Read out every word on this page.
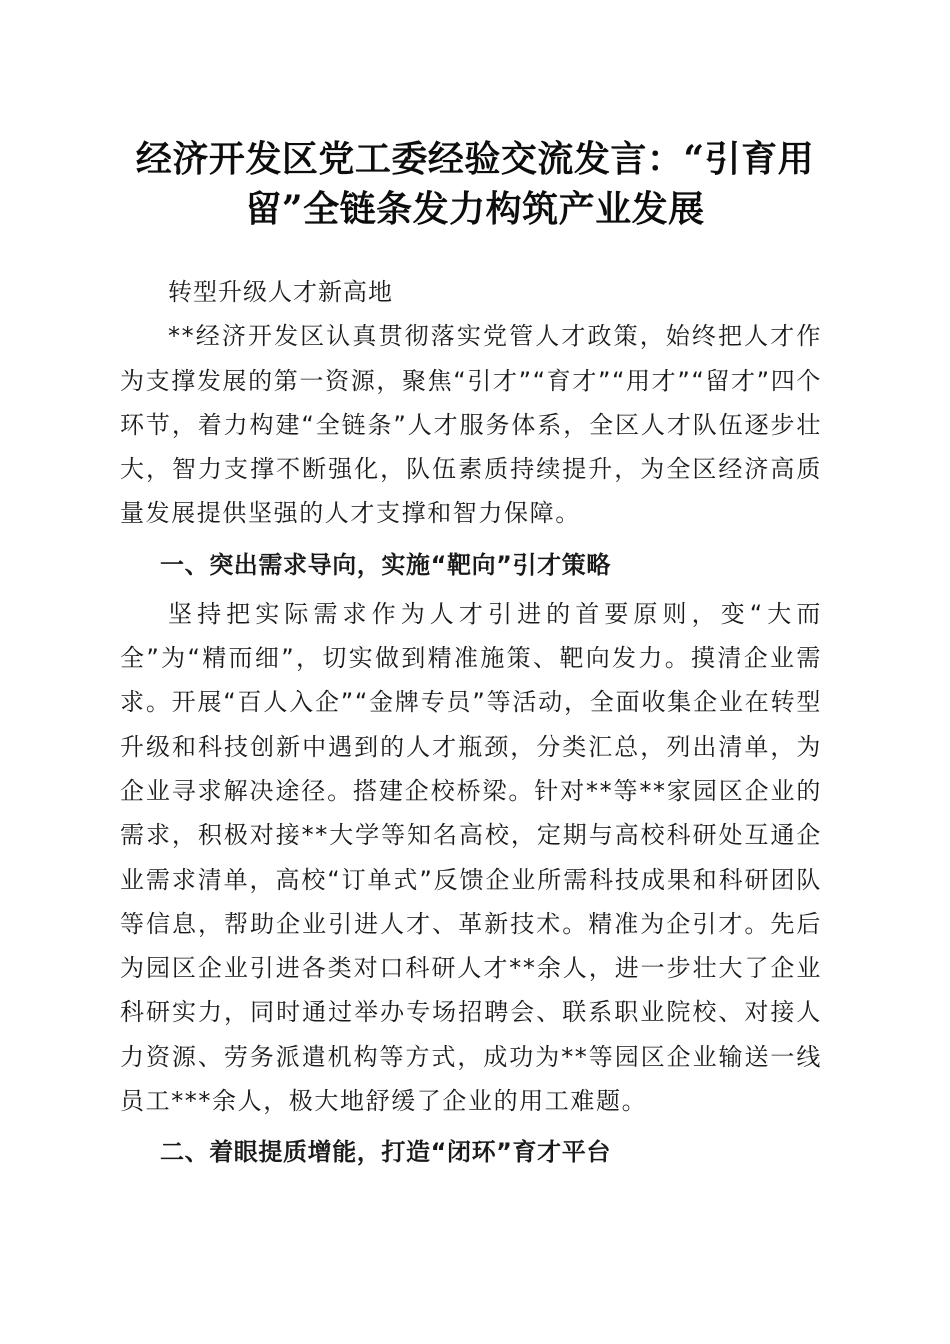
经济开发区党工委经验交流发言：“引育用留”全链条发力构筑产业发展

转型升级人才新高地

**经济开发区认真贯彻落实党管人才政策，始终把人才作为支撑发展的第一资源，聚焦“引才”“育才”“用才”“留才”四个环节，着力构建“全链条”人才服务体系，全区人才队伍逐步壮大，智力支撑不断强化，队伍素质持续提升，为全区经济高质量发展提供坚强的人才支撑和智力保障。

一、突出需求导向，实施“靶向”引才策略

坚持把实际需求作为人才引进的首要原则，变“大而全”为“精而细”，切实做到精准施策、靶向发力。摸清企业需求。开展“百人入企”“金牌专员”等活动，全面收集企业在转型升级和科技创新中遇到的人才瓶颈，分类汇总，列出清单，为企业寻求解决途径。搭建企校桥梁。针对**等**家园区企业的需求，积极对接**大学等知名高校，定期与高校科研处互通企业需求清单，高校“订单式”反馈企业所需科技成果和科研团队等信息，帮助企业引进人才、革新技术。精准为企引才。先后为园区企业引进各类对口科研人才**余人，进一步壮大了企业科研实力，同时通过举办专场招聘会、联系职业院校、对接人力资源、劳务派遣机构等方式，成功为**等园区企业输送一线员工***余人，极大地舒缓了企业的用工难题。

二、着眼提质增能，打造“闭环”育才平台
